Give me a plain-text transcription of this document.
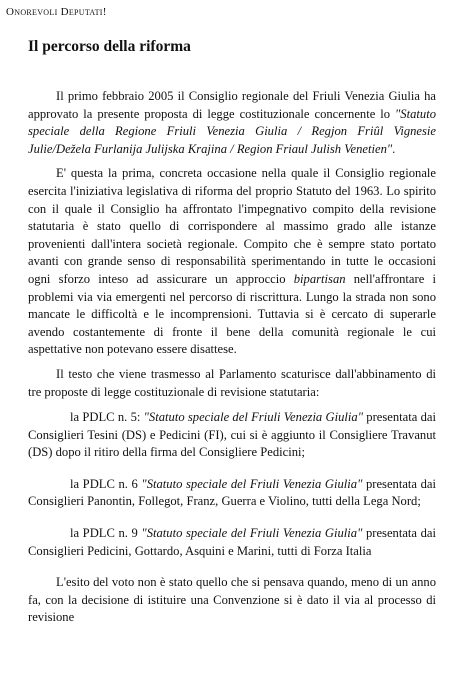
Onorevoli Deputati!
Il percorso della riforma

Il primo febbraio 2005 il Consiglio regionale del Friuli Venezia Giulia ha approvato la presente proposta di legge costituzionale concernente lo "Statuto speciale della Regione Friuli Venezia Giulia / Regjon Friûl Vignesie Julie/Dežela Furlanija Julijska Krajina / Region Friaul Julish Venetien".

E' questa la prima, concreta occasione nella quale il Consiglio regionale esercita l'iniziativa legislativa di riforma del proprio Statuto del 1963. Lo spirito con il quale il Consiglio ha affrontato l'impegnativo compito della revisione statutaria è stato quello di corrispondere al massimo grado alle istanze provenienti dall'intera società regionale. Compito che è sempre stato portato avanti con grande senso di responsabilità sperimentando in tutte le occasioni ogni sforzo inteso ad assicurare un approccio bipartisan nell'affrontare i problemi via via emergenti nel percorso di riscrittura. Lungo la strada non sono mancate le difficoltà e le incomprensioni. Tuttavia si è cercato di superarle avendo costantemente di fronte il bene della comunità regionale le cui aspettative non potevano essere disattese.

Il testo che viene trasmesso al Parlamento scaturisce dall'abbinamento di tre proposte di legge costituzionale di revisione statutaria:

la PDLC n. 5: "Statuto speciale del Friuli Venezia Giulia" presentata dai Consiglieri Tesini (DS) e Pedicini (FI), cui si è aggiunto il Consigliere Travanut (DS) dopo il ritiro della firma del Consigliere Pedicini;

la PDLC n. 6 "Statuto speciale del Friuli Venezia Giulia" presentata dai Consiglieri Panontin, Follegot, Franz, Guerra e Violino, tutti della Lega Nord;

la PDLC n. 9 "Statuto speciale del Friuli Venezia Giulia" presentata dai Consiglieri Pedicini, Gottardo, Asquini e Marini, tutti di Forza Italia

L'esito del voto non è stato quello che si pensava quando, meno di un anno fa, con la decisione di istituire una Convenzione si è dato il via al processo di revisione
